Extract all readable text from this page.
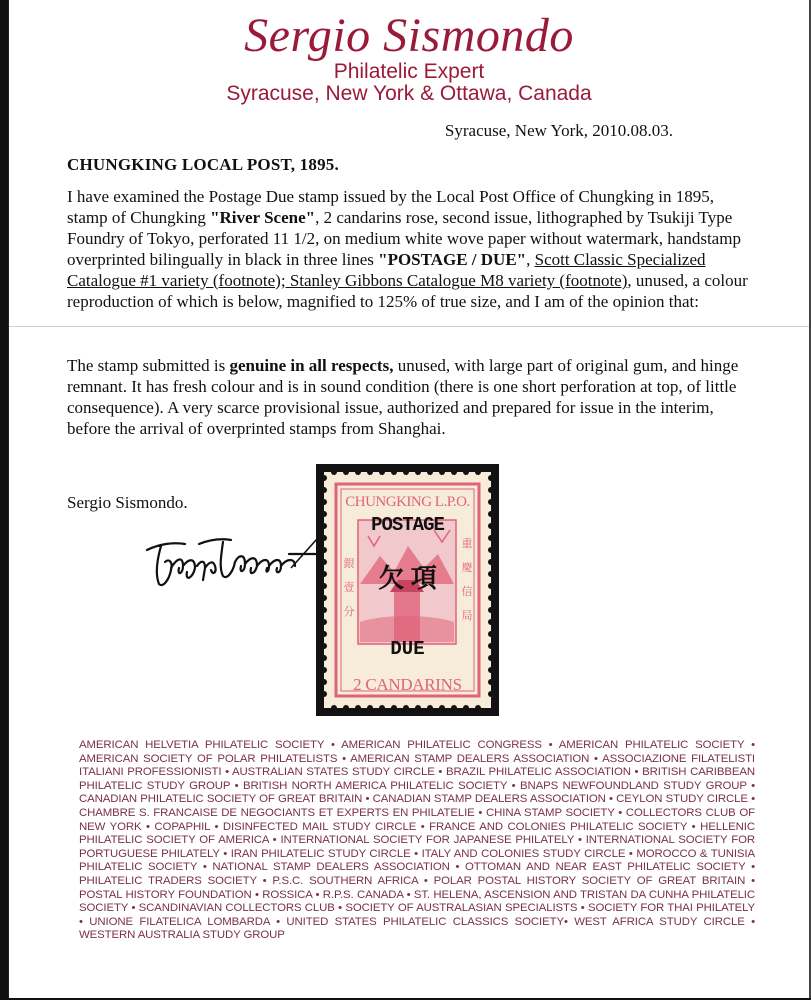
Sergio Sismondo
Philatelic Expert
Syracuse, New York & Ottawa, Canada
Syracuse, New York, 2010.08.03.
CHUNGKING LOCAL POST, 1895.

I have examined the Postage Due stamp issued by the Local Post Office of Chungking in 1895, stamp of Chungking "River Scene", 2 candarins rose, second issue, lithographed by Tsukiji Type Foundry of Tokyo, perforated 11 1/2, on medium white wove paper without watermark, handstamp overprinted bilingually in black in three lines "POSTAGE / DUE", Scott Classic Specialized Catalogue #1 variety (footnote); Stanley Gibbons Catalogue M8 variety (footnote), unused, a colour reproduction of which is below, magnified to 125% of true size, and I am of the opinion that:

The stamp submitted is genuine in all respects, unused, with large part of original gum, and hinge remnant. It has fresh colour and is in sound condition (there is one short perforation at top, of little consequence). A very scarce provisional issue, authorized and prepared for issue in the interim, before the arrival of overprinted stamps from Shanghai.

Sergio Sismondo.	CHUNGKING L.P.O.
2 CANDARINS
銀 壹 分
重 慶 信 局
POSTAGE
欠 項
DUE
AMERICAN HELVETIA PHILATELIC SOCIETY • AMERICAN PHILATELIC CONGRESS • AMERICAN PHILATELIC SOCIETY • AMERICAN SOCIETY OF POLAR PHILATELISTS • AMERICAN STAMP DEALERS ASSOCIATION • ASSOCIAZIONE FILATELISTI ITALIANI PROFESSIONISTI • AUSTRALIAN STATES STUDY CIRCLE • BRAZIL PHILATELIC ASSOCIATION • BRITISH CARIBBEAN PHILATELIC STUDY GROUP • BRITISH NORTH AMERICA PHILATELIC SOCIETY • BNAPS NEWFOUNDLAND STUDY GROUP • CANADIAN PHILATELIC SOCIETY OF GREAT BRITAIN • CANADIAN STAMP DEALERS ASSOCIATION • CEYLON STUDY CIRCLE • CHAMBRE S. FRANCAISE DE NEGOCIANTS ET EXPERTS EN PHILATELIE • CHINA STAMP SOCIETY • COLLECTORS CLUB OF NEW YORK • COPAPHIL • DISINFECTED MAIL STUDY CIRCLE • FRANCE AND COLONIES PHILATELIC SOCIETY • HELLENIC PHILATELIC SOCIETY OF AMERICA • INTERNATIONAL SOCIETY FOR JAPANESE PHILATELY • INTERNATIONAL SOCIETY FOR PORTUGUESE PHILATELY • IRAN PHILATELIC STUDY CIRCLE • ITALY AND COLONIES STUDY CIRCLE • MOROCCO & TUNISIA PHILATELIC SOCIETY • NATIONAL STAMP DEALERS ASSOCIATION • OTTOMAN AND NEAR EAST PHILATELIC SOCIETY • PHILATELIC TRADERS SOCIETY • P.S.C. SOUTHERN AFRICA • POLAR POSTAL HISTORY SOCIETY OF GREAT BRITAIN • POSTAL HISTORY FOUNDATION • ROSSICA • R.P.S. CANADA • ST. HELENA, ASCENSION AND TRISTAN DA CUNHA PHILATELIC SOCIETY • SCANDINAVIAN COLLECTORS CLUB • SOCIETY OF AUSTRALASIAN SPECIALISTS • SOCIETY FOR THAI PHILATELY • UNIONE FILATELICA LOMBARDA • UNITED STATES PHILATELIC CLASSICS SOCIETY• WEST AFRICA STUDY CIRCLE • WESTERN AUSTRALIA STUDY GROUP
